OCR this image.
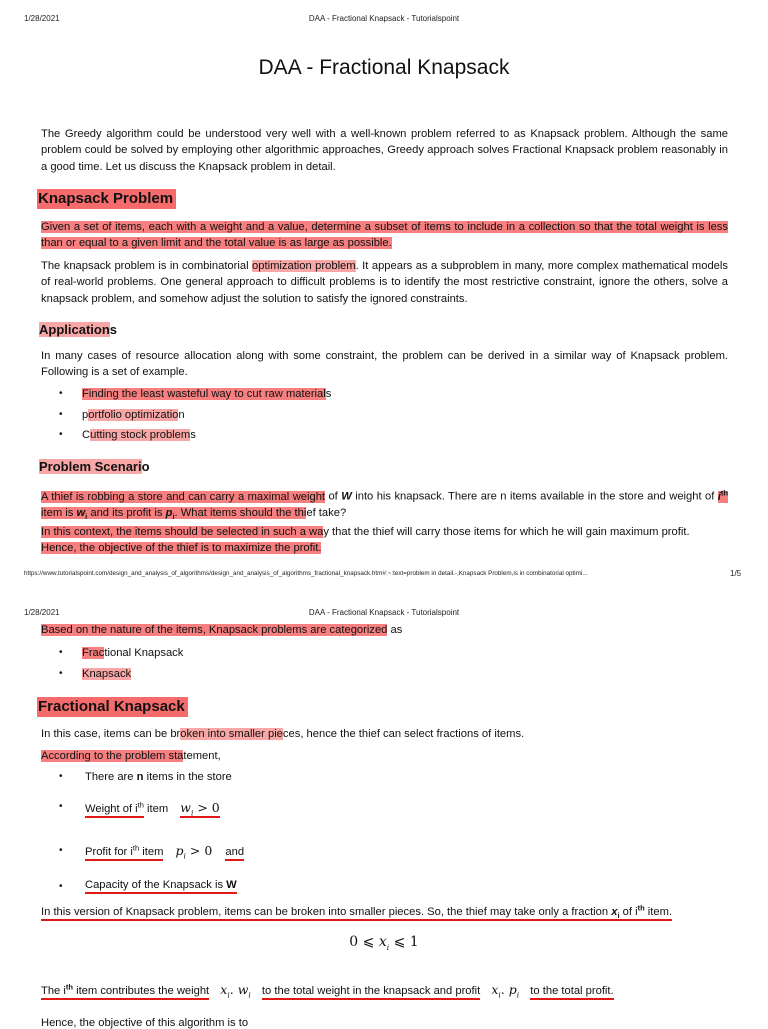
1/28/2021	DAA - Fractional Knapsack - Tutorialspoint
DAA - Fractional Knapsack
The Greedy algorithm could be understood very well with a well-known problem referred to as Knapsack problem. Although the same problem could be solved by employing other algorithmic approaches, Greedy approach solves Fractional Knapsack problem reasonably in a good time. Let us discuss the Knapsack problem in detail.
Knapsack Problem
Given a set of items, each with a weight and a value, determine a subset of items to include in a collection so that the total weight is less than or equal to a given limit and the total value is as large as possible.
The knapsack problem is in combinatorial optimization problem. It appears as a subproblem in many, more complex mathematical models of real-world problems. One general approach to difficult problems is to identify the most restrictive constraint, ignore the others, solve a knapsack problem, and somehow adjust the solution to satisfy the ignored constraints.
Applications
In many cases of resource allocation along with some constraint, the problem can be derived in a similar way of Knapsack problem. Following is a set of example.
• Finding the least wasteful way to cut raw materials
• portfolio optimization
• Cutting stock problems
Problem Scenario
A thief is robbing a store and can carry a maximal weight of W into his knapsack. There are n items available in the store and weight of $i^{th}$ item is $w_i$ and its profit is $p_i$. What items should the thief take?
In this context, the items should be selected in such a way that the thief will carry those items for which he will gain maximum profit.
Hence, the objective of the thief is to maximize the profit.
https://www.tutorialspoint.com/design_and_analysis_of_algorithms/design_and_analysis_of_algorithms_fractional_knapsack.htm#:~:text=problem in detail.-,Knapsack Problem,is in combinatorial optimi...	1/5
1/28/2021	DAA - Fractional Knapsack - Tutorialspoint
Based on the nature of the items, Knapsack problems are categorized as
• Fractional Knapsack
• Knapsack
Fractional Knapsack
In this case, items can be broken into smaller pieces, hence the thief can select fractions of items.
According to the problem statement,
• There are n items in the store
• Weight of $i^{th}$ item $w_i > 0$
• Profit for $i^{th}$ item $p_i > 0$ and
• Capacity of the Knapsack is W
In this version of Knapsack problem, items can be broken into smaller pieces. So, the thief may take only a fraction $x_i$ of $i^{th}$ item.
0 ⩽ $x_i$ ⩽ 1
The $i^{th}$ item contributes the weight $x_i$. $w_i$ to the total weight in the knapsack and profit $x_i$. $p_i$ to the total profit.
Hence, the objective of this algorithm is to
